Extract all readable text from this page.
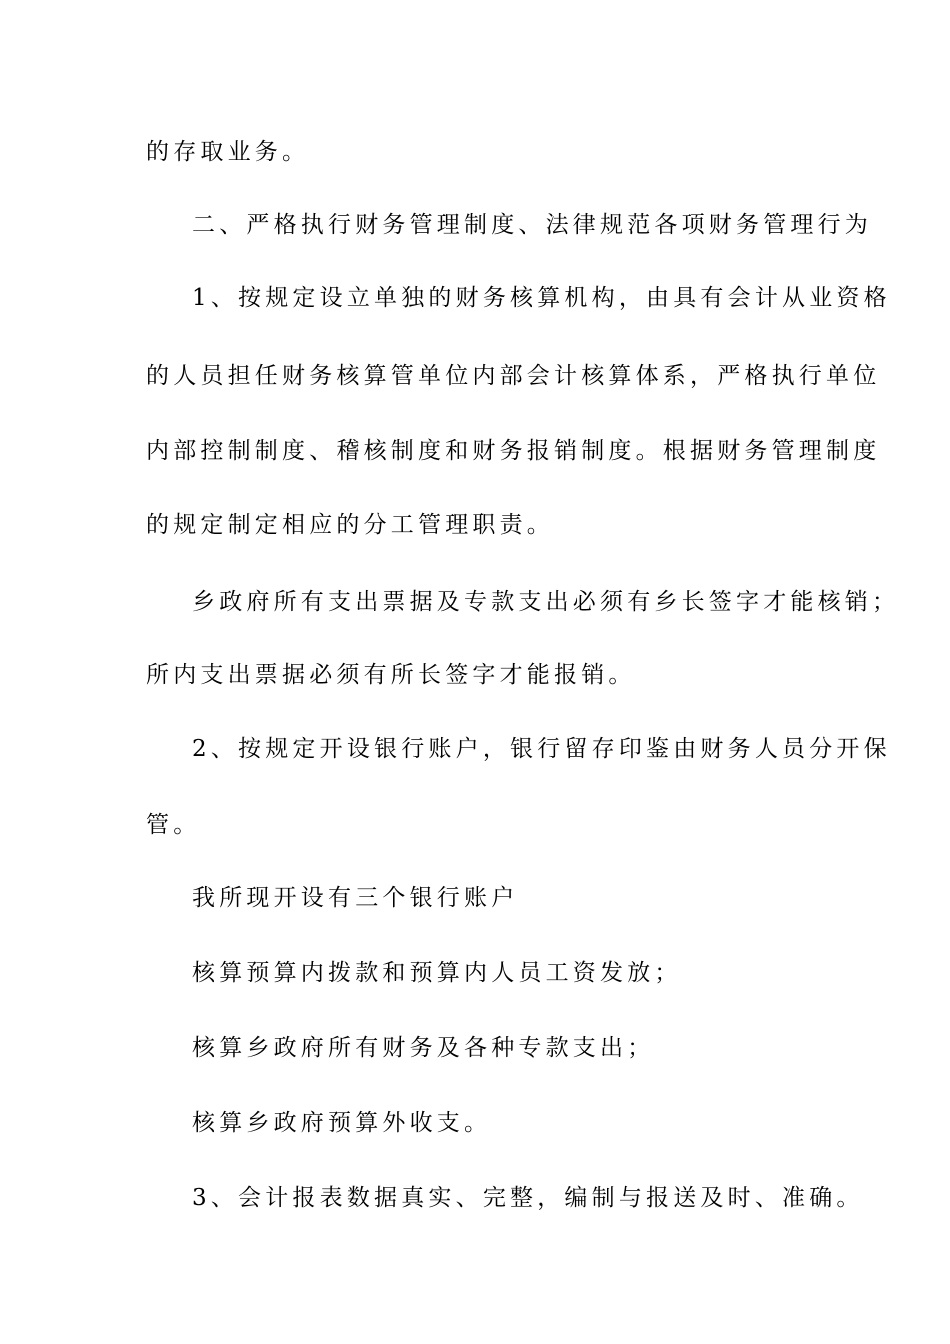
的存取业务。
二、严格执行财务管理制度、法律规范各项财务管理行为
1、按规定设立单独的财务核算机构，由具有会计从业资格
的人员担任财务核算管单位内部会计核算体系，严格执行单位
内部控制制度、稽核制度和财务报销制度。根据财务管理制度
的规定制定相应的分工管理职责。
乡政府所有支出票据及专款支出必须有乡长签字才能核销；
所内支出票据必须有所长签字才能报销。
2、按规定开设银行账户，银行留存印鉴由财务人员分开保
管。
我所现开设有三个银行账户
核算预算内拨款和预算内人员工资发放；
核算乡政府所有财务及各种专款支出；
核算乡政府预算外收支。
3、会计报表数据真实、完整，编制与报送及时、准确。
